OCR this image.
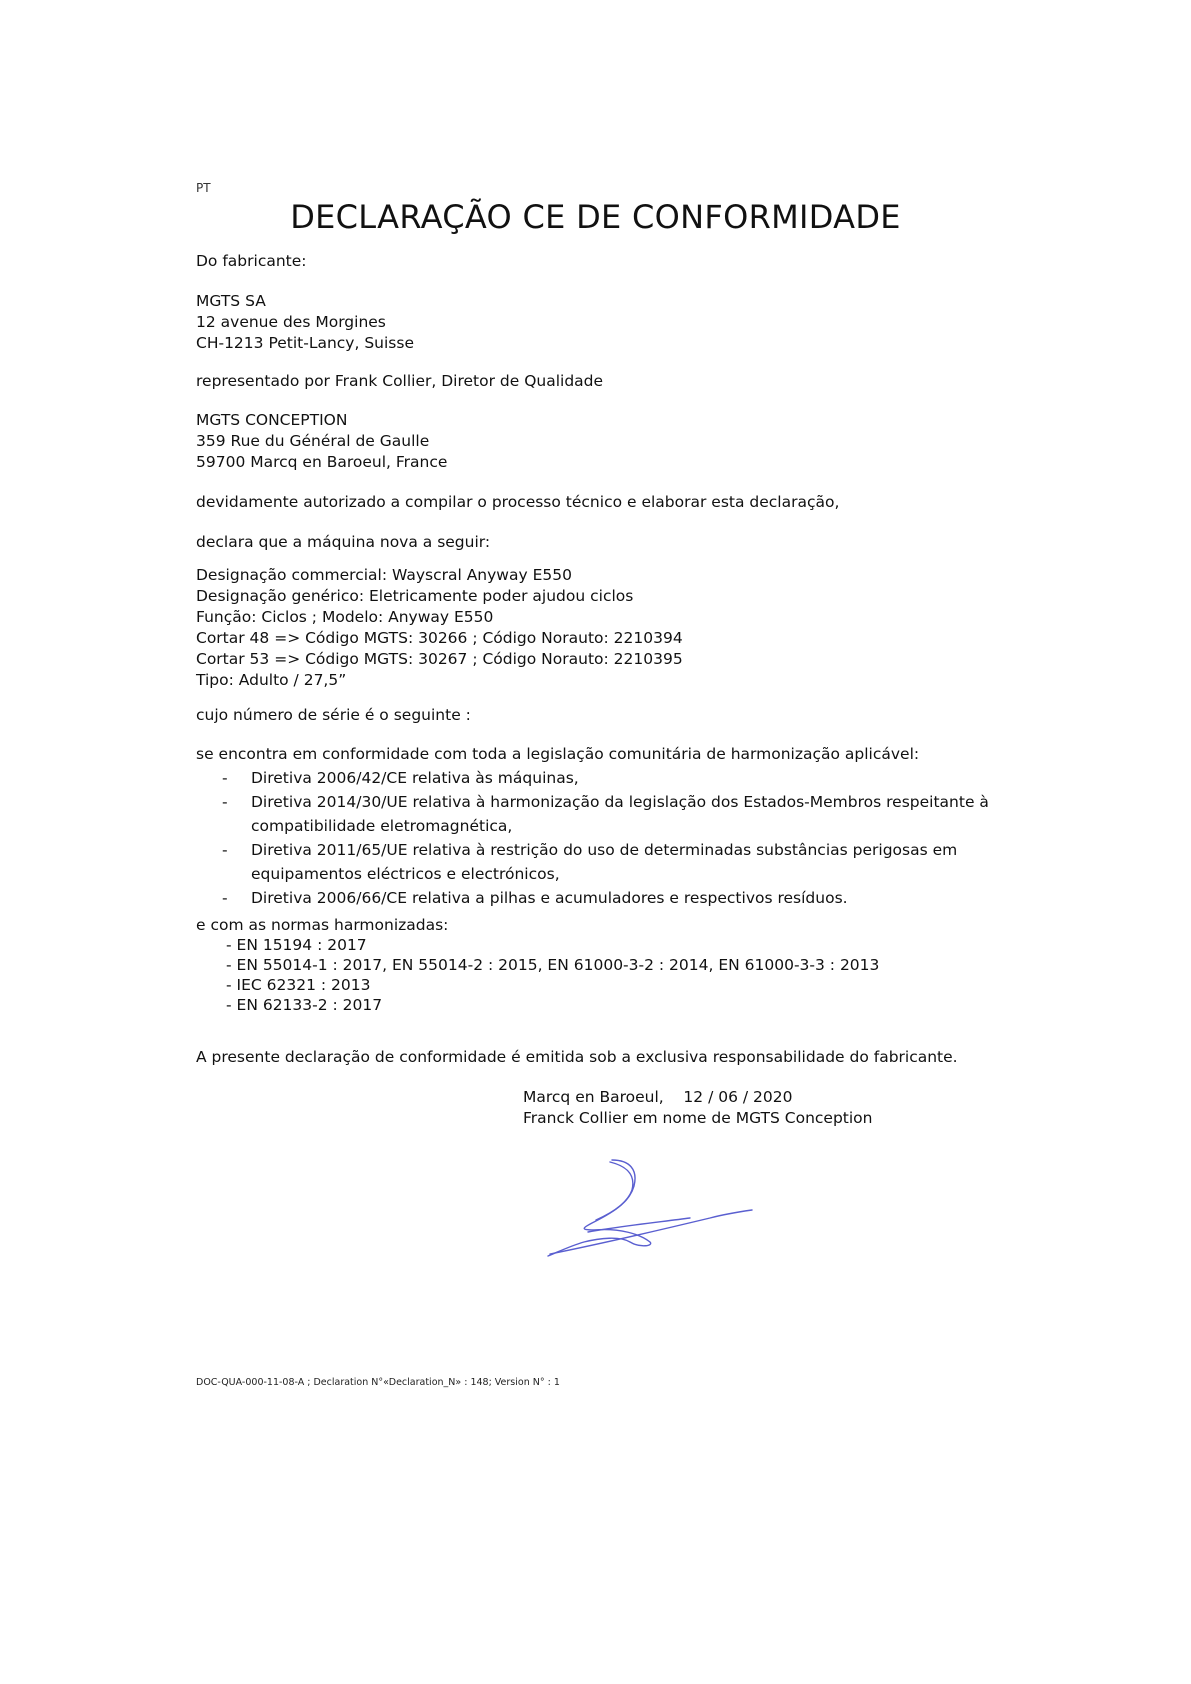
PT

DECLARAÇÃO CE DE CONFORMIDADE

Do fabricante:

MGTS SA
12 avenue des Morgines
CH-1213 Petit-Lancy, Suisse

representado por Frank Collier, Diretor de Qualidade

MGTS CONCEPTION
359 Rue du Général de Gaulle
59700 Marcq en Baroeul, France

devidamente autorizado a compilar o processo técnico e elaborar esta declaração,

declara que a máquina nova a seguir:

Designação commercial: Wayscral Anyway E550
Designação genérico: Eletricamente poder ajudou ciclos
Função: Ciclos ; Modelo: Anyway E550
Cortar 48 => Código MGTS: 30266 ; Código Norauto: 2210394
Cortar 53 => Código MGTS: 30267 ; Código Norauto: 2210395
Tipo: Adulto / 27,5”

cujo número de série é o seguinte :

se encontra em conformidade com toda a legislação comunitária de harmonização aplicável:

- Diretiva 2006/42/CE relativa às máquinas,
- Diretiva 2014/30/UE relativa à harmonização da legislação dos Estados-Membros respeitante à
compatibilidade eletromagnética,
- Diretiva 2011/65/UE relativa à restrição do uso de determinadas substâncias perigosas em
equipamentos eléctricos e electrónicos,
- Diretiva 2006/66/CE relativa a pilhas e acumuladores e respectivos resíduos.

e com as normas harmonizadas:

- EN 15194 : 2017
- EN 55014-1 : 2017, EN 55014-2 : 2015, EN 61000-3-2 : 2014, EN 61000-3-3 : 2013
- IEC 62321 : 2013
- EN 62133-2 : 2017

A presente declaração de conformidade é emitida sob a exclusiva responsabilidade do fabricante.

Marcq en Baroeul,    12 / 06 / 2020
Franck Collier em nome de MGTS Conception

DOC-QUA-000-11-08-A ; Declaration N°«Declaration_N» : 148; Version N° : 1
